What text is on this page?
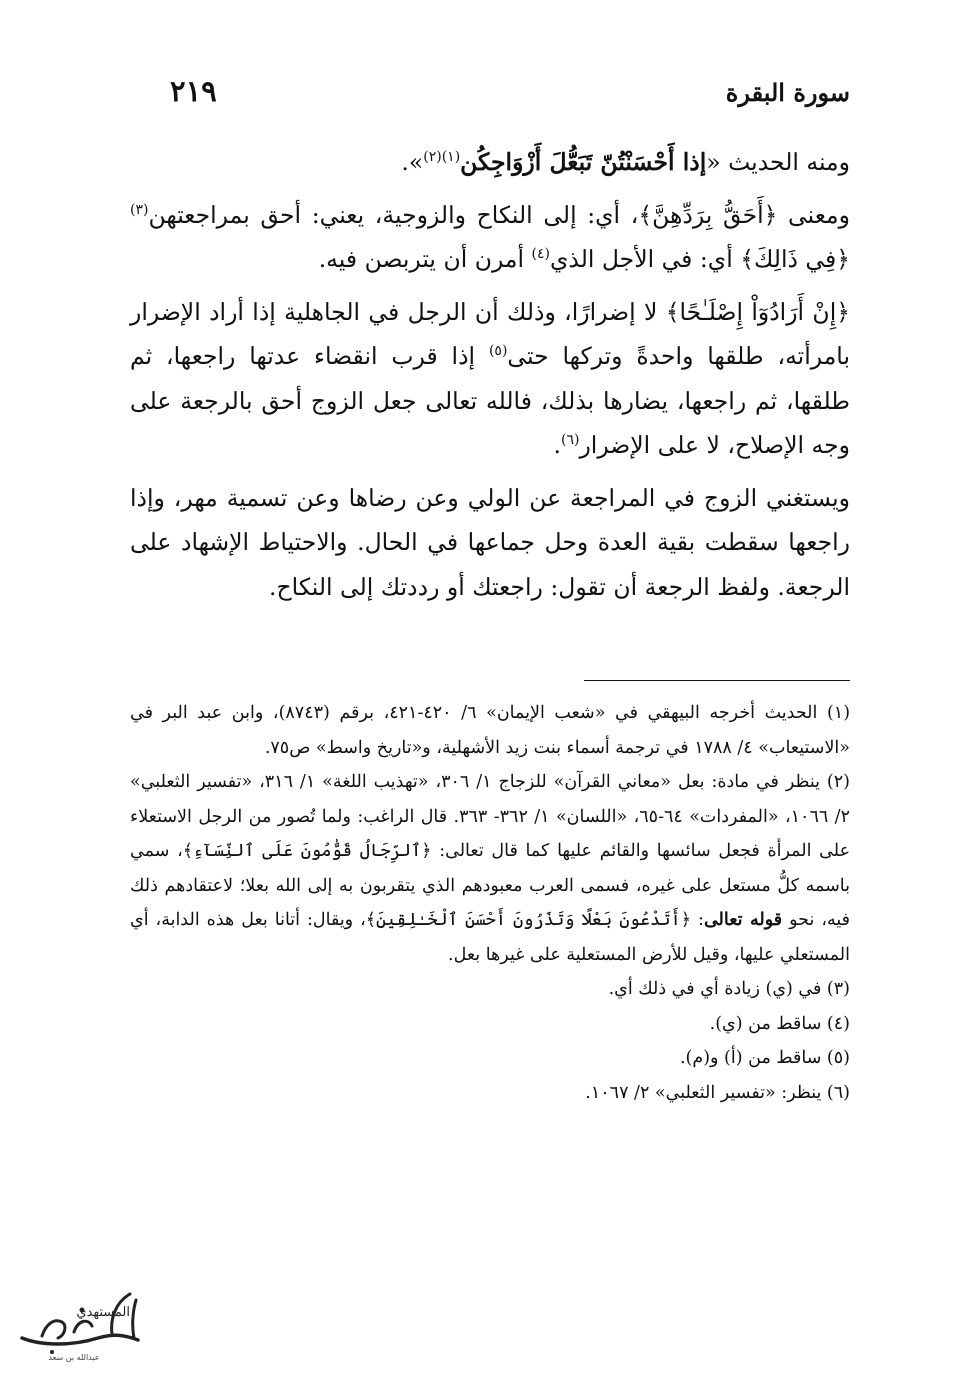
سورة البقرة
٢١٩

ومنه الحديث «إذا أَحْسَنْتُنّ تَبَعُّلَ أَزْوَاجِكُن$^{(١)(٢)}$».

ومعنى ﴿أَحَقُّ بِرَدِّهِنَّ﴾، أي: إلى النكاح والزوجية، يعني: أحق بمراجعتهن$^{(٣)}$ ﴿فِي ذَالِكَ﴾ أي: في الأجل الذي$^{(٤)}$ أمرن أن يتربصن فيه.

﴿إِنْ أَرَادُوٓاْ إِصْلَـٰحًا﴾ لا إضرارًا، وذلك أن الرجل في الجاهلية إذا أراد الإضرار بامرأته، طلقها واحدةً وتركها حتى$^{(٥)}$ إذا قرب انقضاء عدتها راجعها، ثم طلقها، ثم راجعها، يضارها بذلك، فالله تعالى جعل الزوج أحق بالرجعة على وجه الإصلاح، لا على الإضرار$^{(٦)}$.

ويستغني الزوج في المراجعة عن الولي وعن رضاها وعن تسمية مهر، وإذا راجعها سقطت بقية العدة وحل جماعها في الحال. والاحتياط الإشهاد على الرجعة. ولفظ الرجعة أن تقول: راجعتك أو رددتك إلى النكاح.

(١) الحديث أخرجه البيهقي في «شعب الإيمان» ٦/ ٤٢٠-٤٢١، برقم (٨٧٤٣)، وابن عبد البر في «الاستيعاب» ٤/ ١٧٨٨ في ترجمة أسماء بنت زيد الأشهلية، و«تاريخ واسط» ص٧٥.

(٢) ينظر في مادة: بعل «معاني القرآن» للزجاج ١/ ٣٠٦، «تهذيب اللغة» ١/ ٣١٦، «تفسير الثعلبي» ٢/ ١٠٦٦، «المفردات» ٦٤-٦٥، «اللسان» ١/ ٣٦٢- ٣٦٣. قال الراغب: ولما تُصور من الرجل الاستعلاء على المرأة فجعل سائسها والقائم عليها كما قال تعالى: ﴿ٱلرِّجَالُ قَوَّٰمُونَ عَلَى ٱلنِّسَآءِ﴾، سمي باسمه كلُّ مستعل على غيره، فسمى العرب معبودهم الذي يتقربون به إلى الله بعلا؛ لاعتقادهم ذلك فيه، نحو قوله تعالى: ﴿أَتَدْعُونَ بَعْلًا وَتَذَرُونَ أَحْسَنَ ٱلْخَـٰلِقِينَ﴾، ويقال: أتانا بعل هذه الدابة، أي المستعلي عليها، وقيل للأرض المستعلية على غيرها بعل.

(٣) في (ي) زيادة أي في ذلك أي.

(٤) ساقط من (ي).

(٥) ساقط من (أ) و(م).

(٦) ينظر: «تفسير الثعلبي» ٢/ ١٠٦٧.

المستهدي
عبدالله بن سعد
